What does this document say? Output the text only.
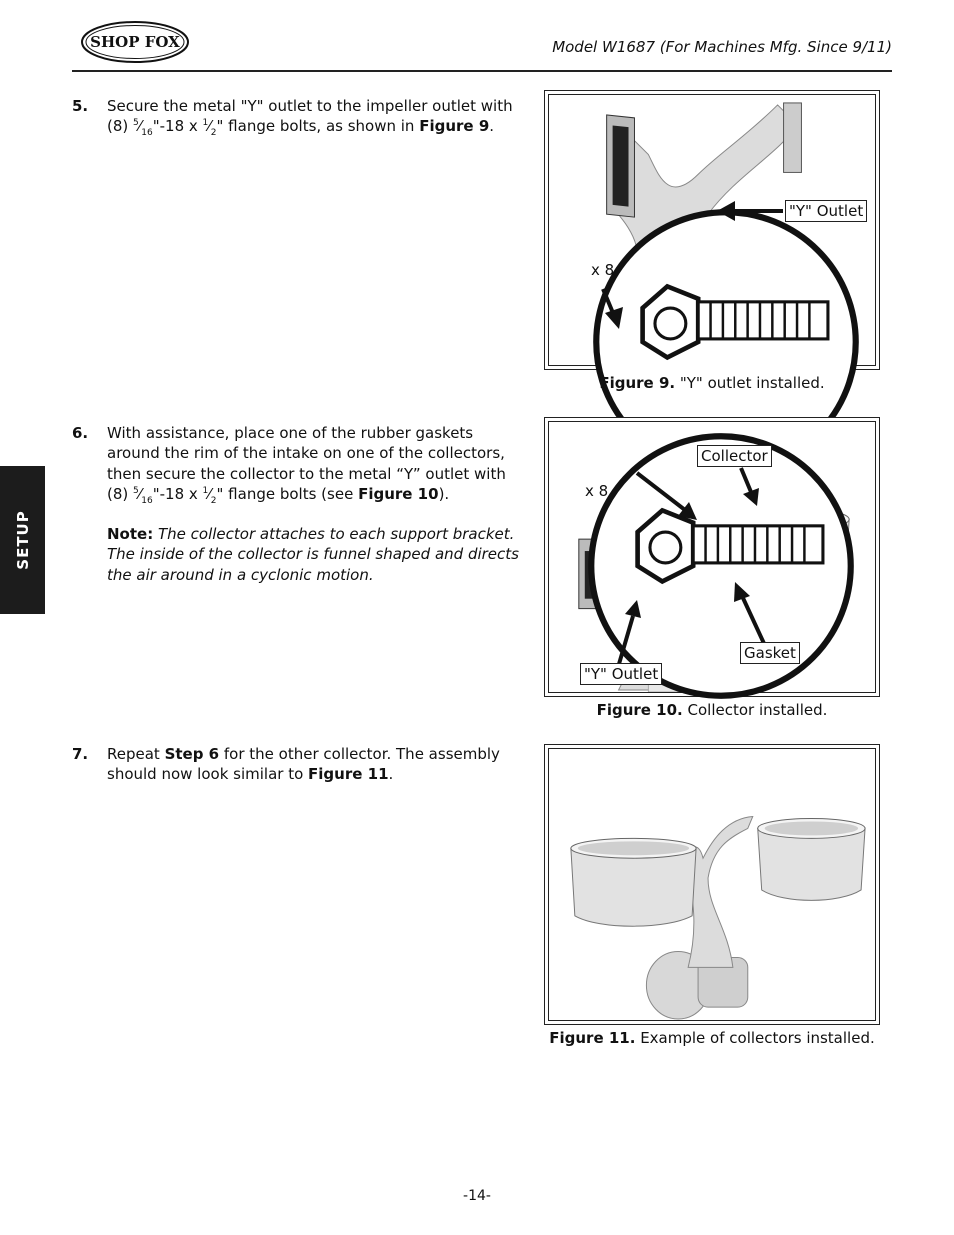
SHOP FOX	Model W1687 (For Machines Mfg. Since 9/11)
SETUP
5. Secure the metal "Y" outlet to the impeller outlet with (8) $^5⁄_{16}"-18$ x $^1⁄_2$" flange bolts, as shown in Figure 9.
6. With assistance, place one of the rubber gaskets around the rim of the intake on one of the collectors, then secure the collector to the metal “Y” outlet with (8) $^5⁄_{16}"-18$ x $^1⁄_2$" flange bolts (see Figure 10).
Note: The collector attaches to each support bracket. The inside of the collector is funnel shaped and directs the air around in a cyclonic motion.
7. Repeat Step 6 for the other collector. The assembly should now look similar to Figure 11.
x 8
"Y" Outlet
Figure 9. "Y" outlet installed.
x 8
Collector
Gasket
"Y" Outlet
Figure 10. Collector installed.
Figure 11. Example of collectors installed.
-14-
